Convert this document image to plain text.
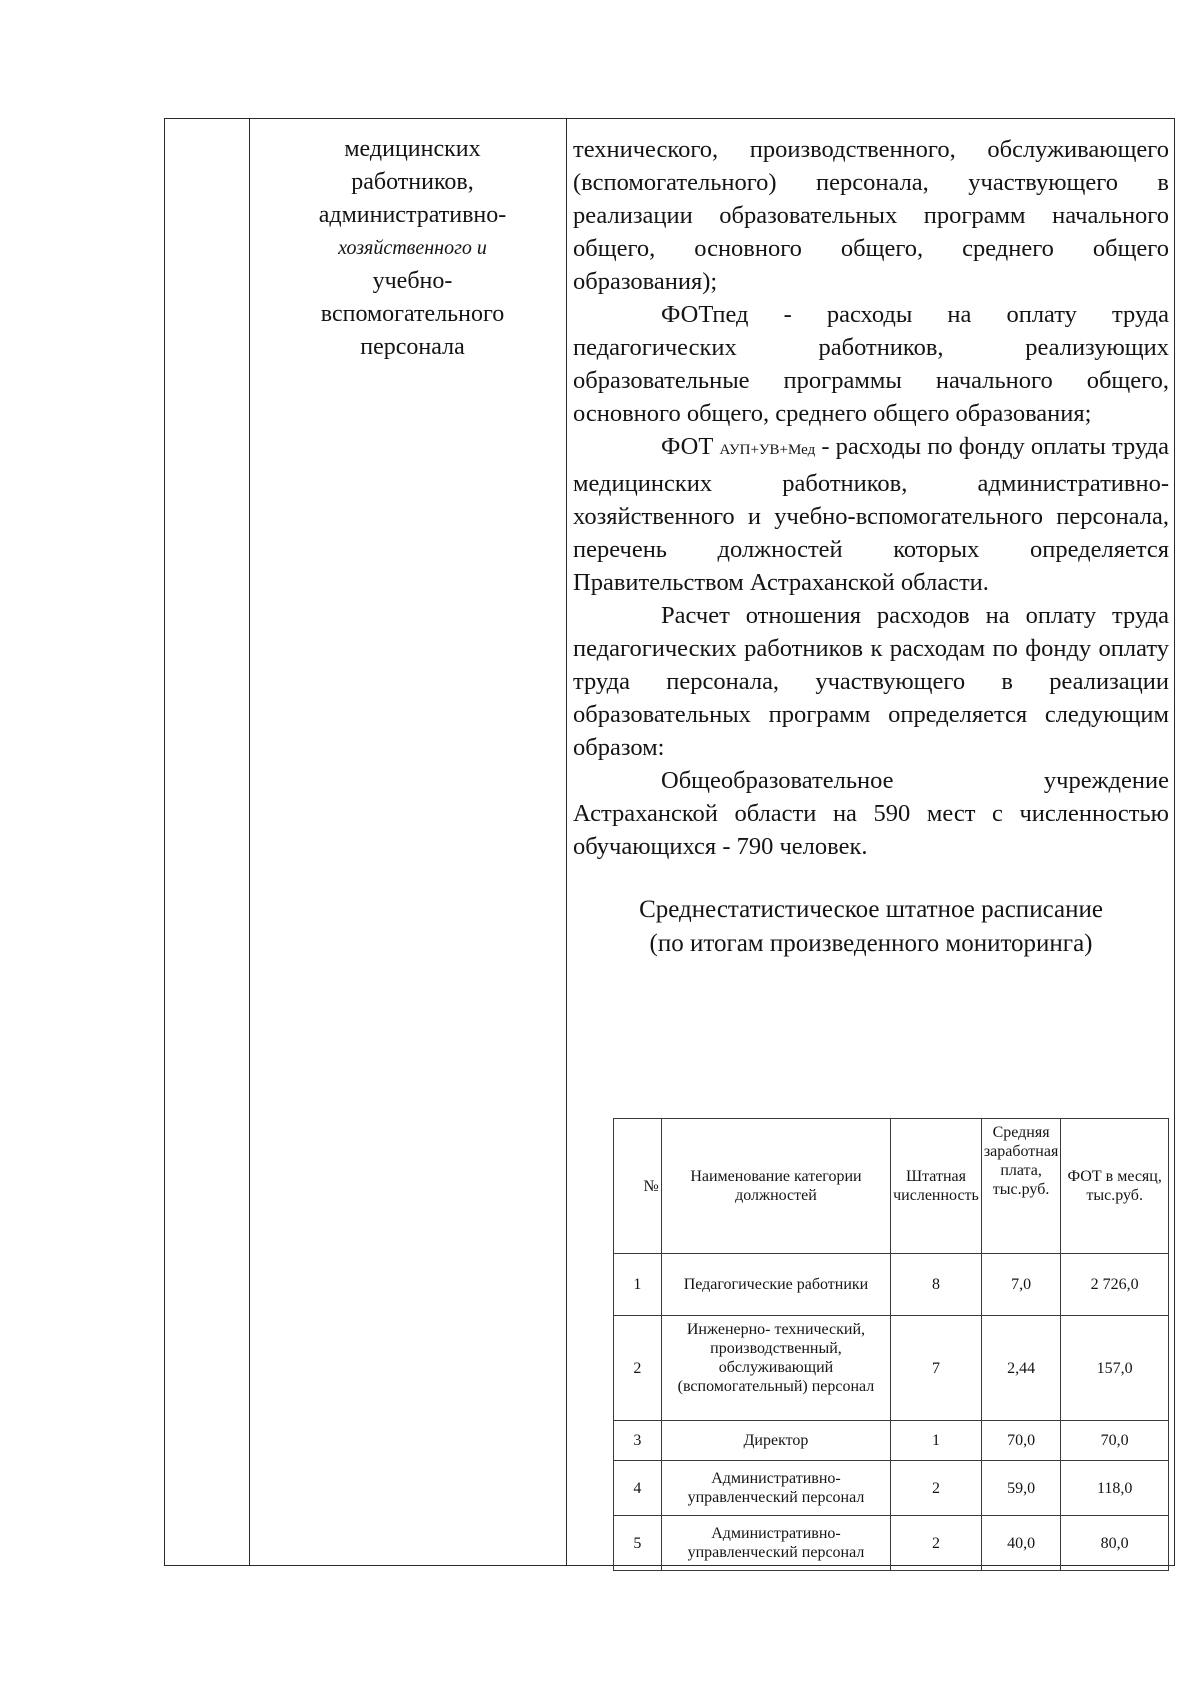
медицинских
работников,
административно-
хозяйственного и
учебно-
вспомогательного
персонала

технического, производственного, обслуживающего (вспомогательного) персонала, участвующего в реализации образовательных программ начального общего, основного общего, среднего общего образования);

ФОТпед - расходы на оплату труда педагогических работников, реализующих образовательные программы начального общего, основного общего, среднего общего образования;

ФОТ АУП+УВ+Мед - расходы по фонду оплаты труда медицинских работников, административно-хозяйственного и учебно-вспомогательного персонала, перечень должностей которых определяется Правительством Астраханской области.

Расчет отношения расходов на оплату труда педагогических работников к расходам по фонду оплату труда персонала, участвующего в реализации образовательных программ определяется следующим образом:

Общеобразовательное учреждение Астраханской области на 590 мест с численностью обучающихся - 790 человек.

Среднестатистическое штатное расписание
(по итогам произведенного мониторинга)
№	Наименование категории должностей	Штатная численность	Средняя заработная плата, тыс.руб.	ФОТ в месяц, тыс.руб.
1	Педагогические работники	8	7,0	2 726,0
2	Инженерно- технический, производственный, обслуживающий (вспомогательный) персонал	7	2,44	157,0
3	Директор	1	70,0	70,0
4	Административно-управленческий персонал	2	59,0	118,0
5	Административно-управленческий персонал	2	40,0	80,0
